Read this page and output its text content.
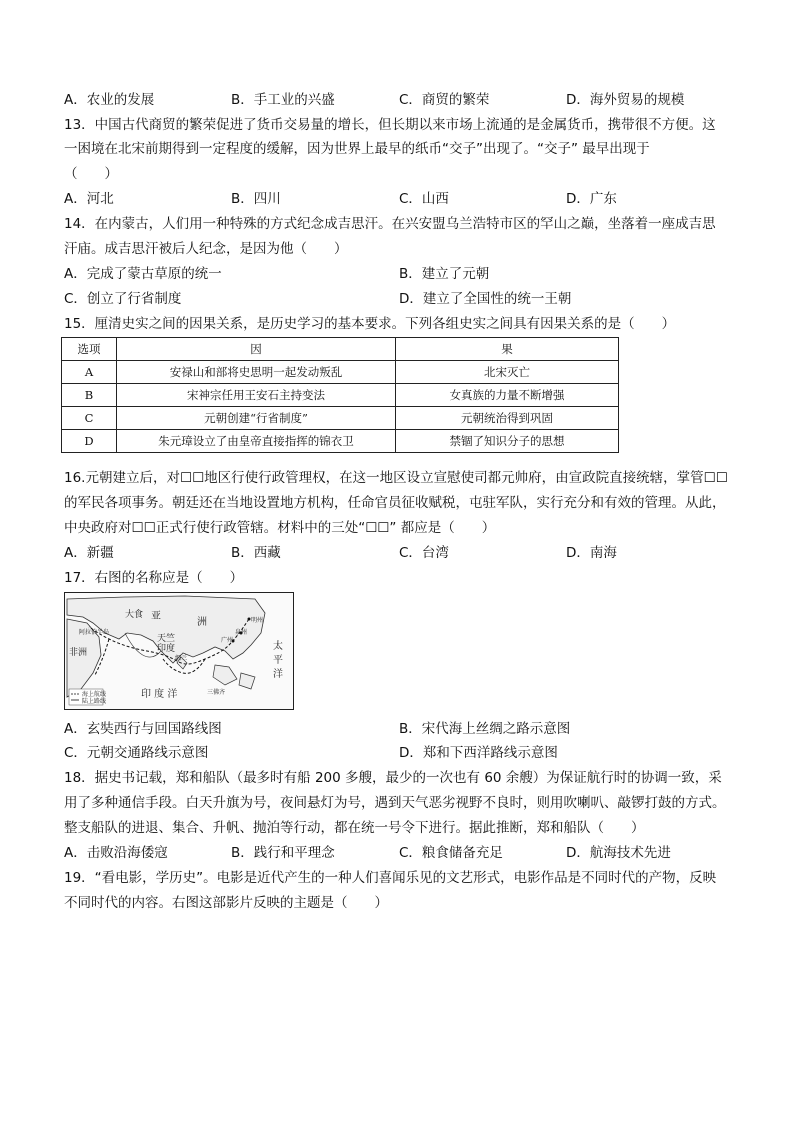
A．农业的发展	B．手工业的兴盛	C．商贸的繁荣	D．海外贸易的规模
13．中国古代商贸的繁荣促进了货币交易量的增长，但长期以来市场上流通的是金属货币，携带很不方便。这
一困境在北宋前期得到一定程度的缓解，因为世界上最早的纸币“交子”出现了。“交子” 最早出现于
（　　）
A．河北	B．四川	C．山西	D．广东
14．在内蒙古，人们用一种特殊的方式纪念成吉思汗。在兴安盟乌兰浩特市区的罕山之巅，坐落着一座成吉思
汗庙。成吉思汗被后人纪念，是因为他（　　）
A．完成了蒙古草原的统一	B．建立了元朝
C．创立了行省制度	D．建立了全国性的统一王朝
15．厘清史实之间的因果关系，是历史学习的基本要求。下列各组史实之间具有因果关系的是（　　）
选项	因	果
A	安禄山和部将史思明一起发动叛乱	北宋灭亡
B	宋神宗任用王安石主持变法	女真族的力量不断增强
C	元朝创建“行省制度”	元朝统治得到巩固
D	朱元璋设立了由皇帝直接指挥的锦衣卫	禁锢了知识分子的思想
16.元朝建立后，对☐☐地区行使行政管理权，在这一地区设立宣慰使司都元帅府，由宣政院直接统辖，掌管☐☐
的军民各项事务。朝廷还在当地设置地方机构，任命官员征收赋税，屯驻军队，实行充分和有效的管理。从此，
中央政府对☐☐正式行使行政管辖。材料中的三处“☐☐” 都应是（　　）
A．新疆	B．西藏	C．台湾	D．南海
17．右图的名称应是（　　）
大食 亚
洲
阿拉伯半岛
非洲
天竺
印度
细兰
印 度 洋
太
平
洋
广州
泉州
明州
三佛齐
海上航线
陆上路线
A．玄奘西行与回国路线图	B．宋代海上丝绸之路示意图
C．元朝交通路线示意图	D．郑和下西洋路线示意图
18．据史书记载，郑和船队（最多时有船 200 多艘，最少的一次也有 60 余艘）为保证航行时的协调一致，采
用了多种通信手段。白天升旗为号，夜间悬灯为号，遇到天气恶劣视野不良时，则用吹喇叭、敲锣打鼓的方式。
整支船队的进退、集合、升帆、抛泊等行动，都在统一号令下进行。据此推断，郑和船队（　　）
A．击败沿海倭寇	B．践行和平理念	C．粮食储备充足	D．航海技术先进
19．“看电影，学历史”。电影是近代产生的一种人们喜闻乐见的文艺形式，电影作品是不同时代的产物，反映
不同时代的内容。右图这部影片反映的主题是（　　）
